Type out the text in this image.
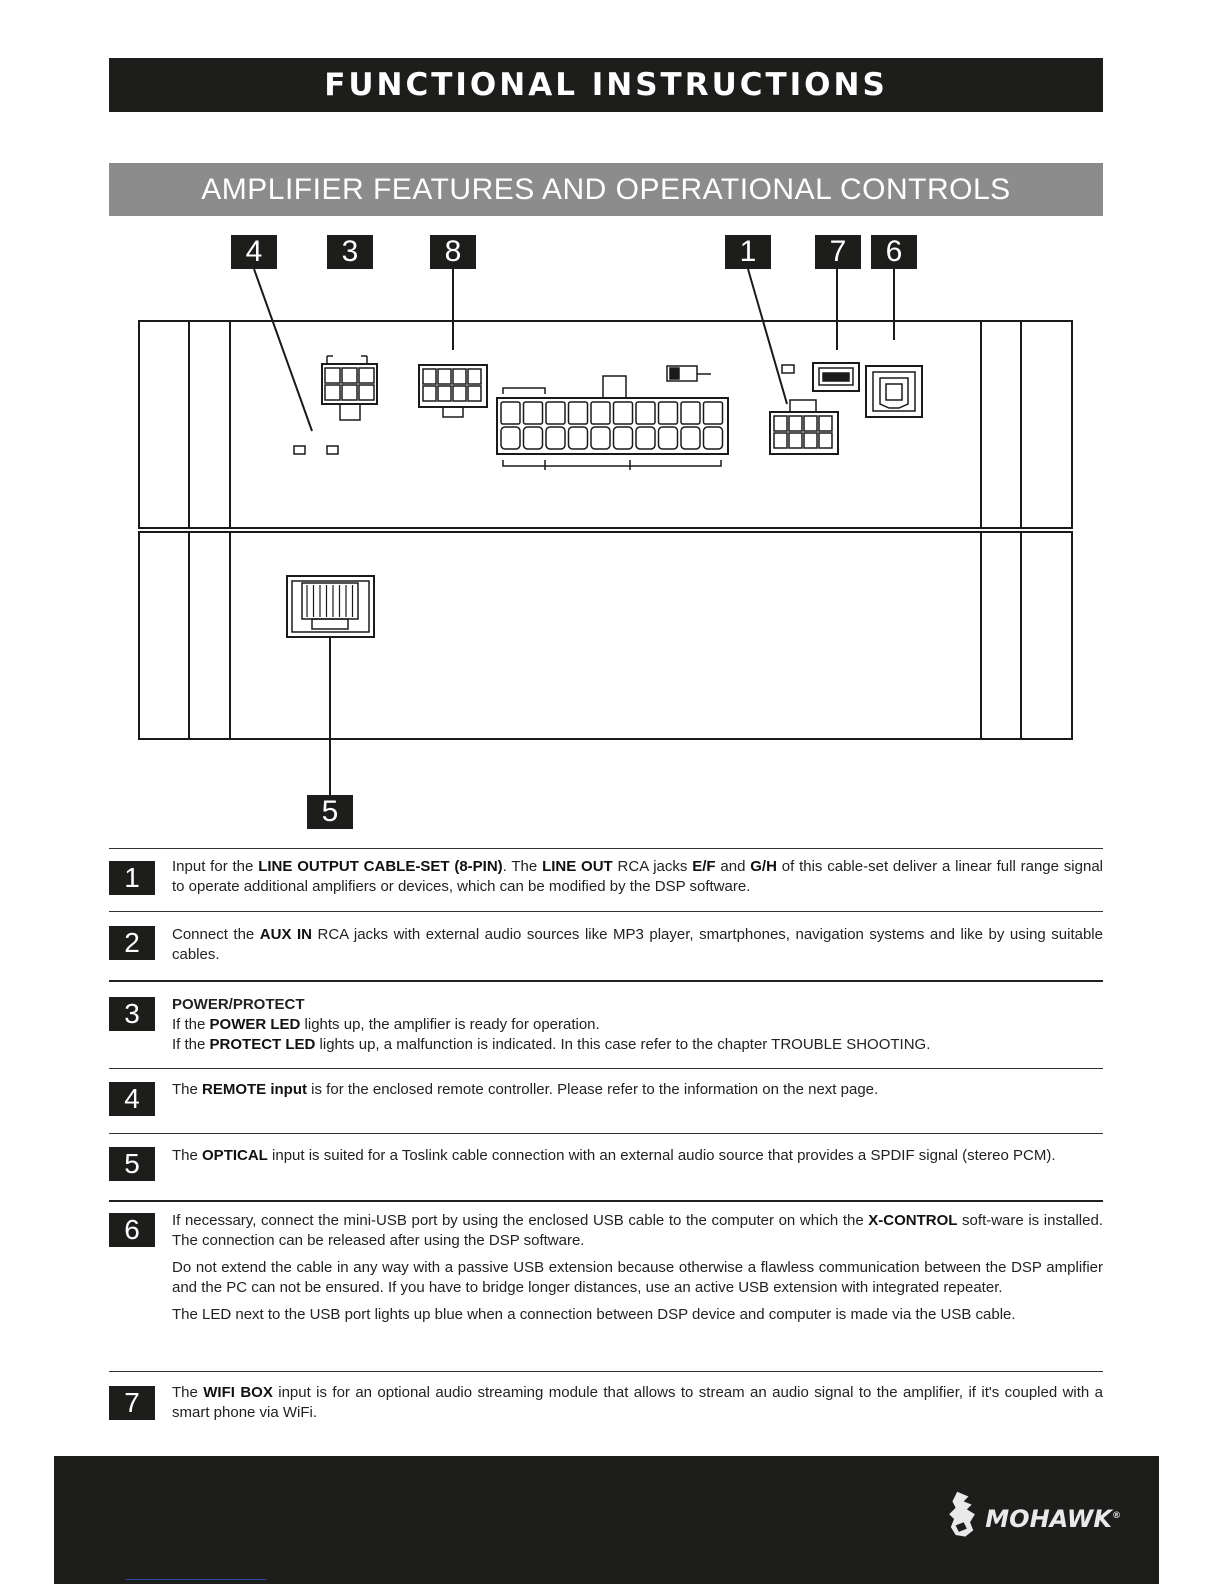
FUNCTIONAL INSTRUCTIONS
AMPLIFIER FEATURES AND OPERATIONAL CONTROLS
4	3	8	1	7	6
5
1	Input for the LINE OUTPUT CABLE-SET (8-PIN). The LINE OUT RCA jacks E/F and G/H of this cable-set deliver a linear full range signal to operate additional amplifiers or devices, which can be modified by the DSP software.

2	Connect the AUX IN RCA jacks with external audio sources like MP3 player, smartphones, navigation systems and like by using suitable cables.

3	POWER/PROTECT
If the POWER LED lights up, the amplifier is ready for operation.
If the PROTECT LED lights up, a malfunction is indicated. In this case refer to the chapter TROUBLE SHOOTING.
4	The REMOTE input is for the enclosed remote controller. Please refer to the information on the next page.

5	The OPTICAL input is suited for a Toslink cable connection with an external audio source that provides a SPDIF signal (stereo PCM).

6	If necessary, connect the mini-USB port by using the enclosed USB cable to the computer on which the X-CONTROL soft-ware is installed. The connection can be released after using the DSP software.

Do not extend the cable in any way with a passive USB extension because otherwise a flawless communication between the DSP amplifier and the PC can not be ensured. If you have to bridge longer distances, use an active USB extension with integrated repeater.

The LED next to the USB port lights up blue when a connection between DSP device and computer is made via the USB cable.

7	The WIFI BOX input is for an optional audio streaming module that allows to stream an audio signal to the amplifier, if it's coupled with a smart phone via WiFi.

MOHAWK®
